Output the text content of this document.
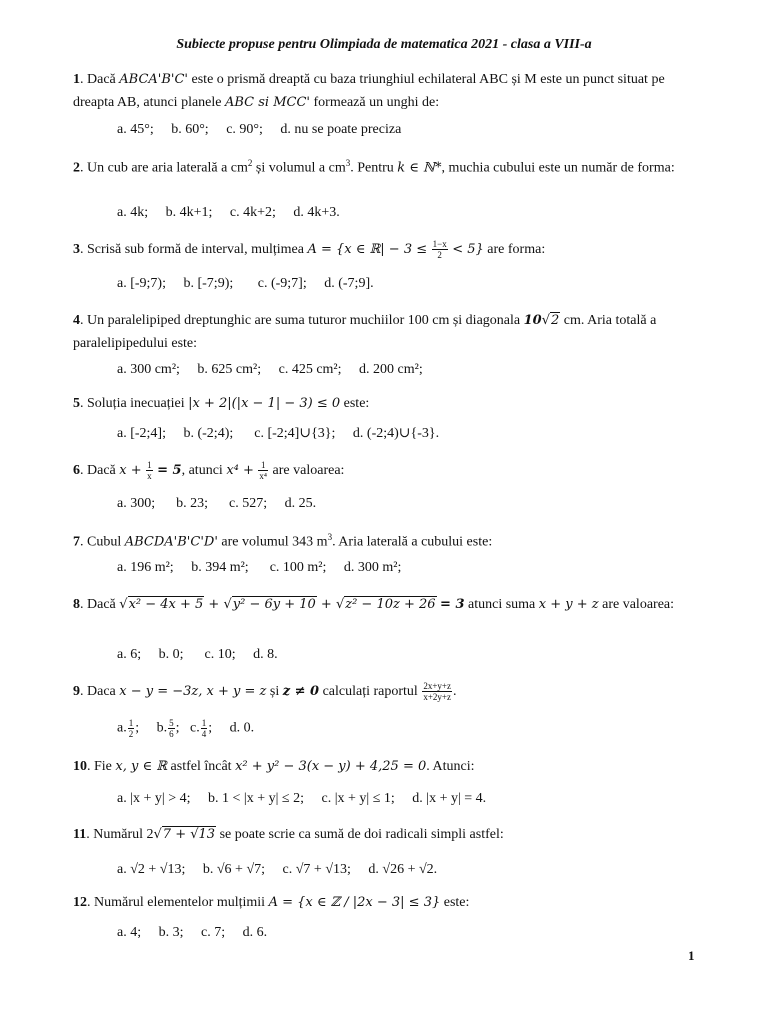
Subiecte propuse pentru Olimpiada de matematica 2021 - clasa a VIII-a
1. Dacă ABCA'B'C' este o prismă dreaptă cu baza triunghiul echilateral ABC și M este un punct situat pe dreapta AB, atunci planele ABC si MCC' formează un unghi de:
a. 45°; b. 60°; c. 90°; d. nu se poate preciza
2. Un cub are aria laterală a $cm^2$ și volumul a $cm^3$. Pentru k ∈ ℕ*, muchia cubului este un număr de forma:
a. 4k; b. 4k+1; c. 4k+2; d. 4k+3.
3. Scrisă sub formă de interval, mulțimea A = {x ∈ ℝ| − $3 \le \frac{1-x}{2} < 5$} are forma:
a. [-9;7); b. [-7;9); c. (-9;7]; d. (-7;9].
4. Un paralelipiped dreptunghic are suma tuturor muchiilor 100 cm și diagonala 10√2 cm. Aria totală a paralelipipedului este:
a. 300 cm²; b. 625 cm²; c. 425 cm²; d. 200 cm²;
5. Soluția inecuației |x + 2|(|x − 1| − 3) ≤ 0 este:
a. [-2;4]; b. (-2;4); c. [-2;4]∪{3}; d. (-2;4)∪{-3}.
6. Dacă $x + \frac{1}{x} = 5$, atunci $x^4 + \frac{1}{\text{x⁴}}$ are valoarea:
a. 300; b. 23; c. 527; d. 25.
7. Cubul ABCDA'B'C'D' are volumul 343 $m^3$. Aria laterală a cubului este:
a. 196 m²; b. 394 m²; c. 100 m²; d. 300 m²;
8. Dacă √x² − 4x + 5 + √y² − 6y + 10 + √z² − 10z + 26 = 3 atunci suma x + y + z are valoarea:
a. 6; b. 0; c. 10; d. 8.
9. Daca x − y = −3z, x + y = z și z ≠ 0 calculați raportul $\frac{2x+y+z}{x+2y+z}$ .
a. $\frac{1}{2}$ ;     b. $\frac{5}{6}$ ;   c. $\frac{1}{4}$ ;     d. 0.
10. Fie x, y ∈ ℝ astfel încât x² + y² − 3(x − y) + 4,25 = 0. Atunci:
a. |x + y| > 4; b. 1 < |x + y| ≤ 2; c. |x + y| ≤ 1; d. |x + y| = 4.
11. Numărul 2√7 + √13 se poate scrie ca sumă de doi radicali simpli astfel:
a. √2 + √13; b. √6 + √7; c. √7 + √13; d. √26 + √2.
12. Numărul elementelor mulțimii A = {x ∈ ℤ / |2x − 3| ≤ 3} este:
a. 4; b. 3; c. 7; d. 6.
1
